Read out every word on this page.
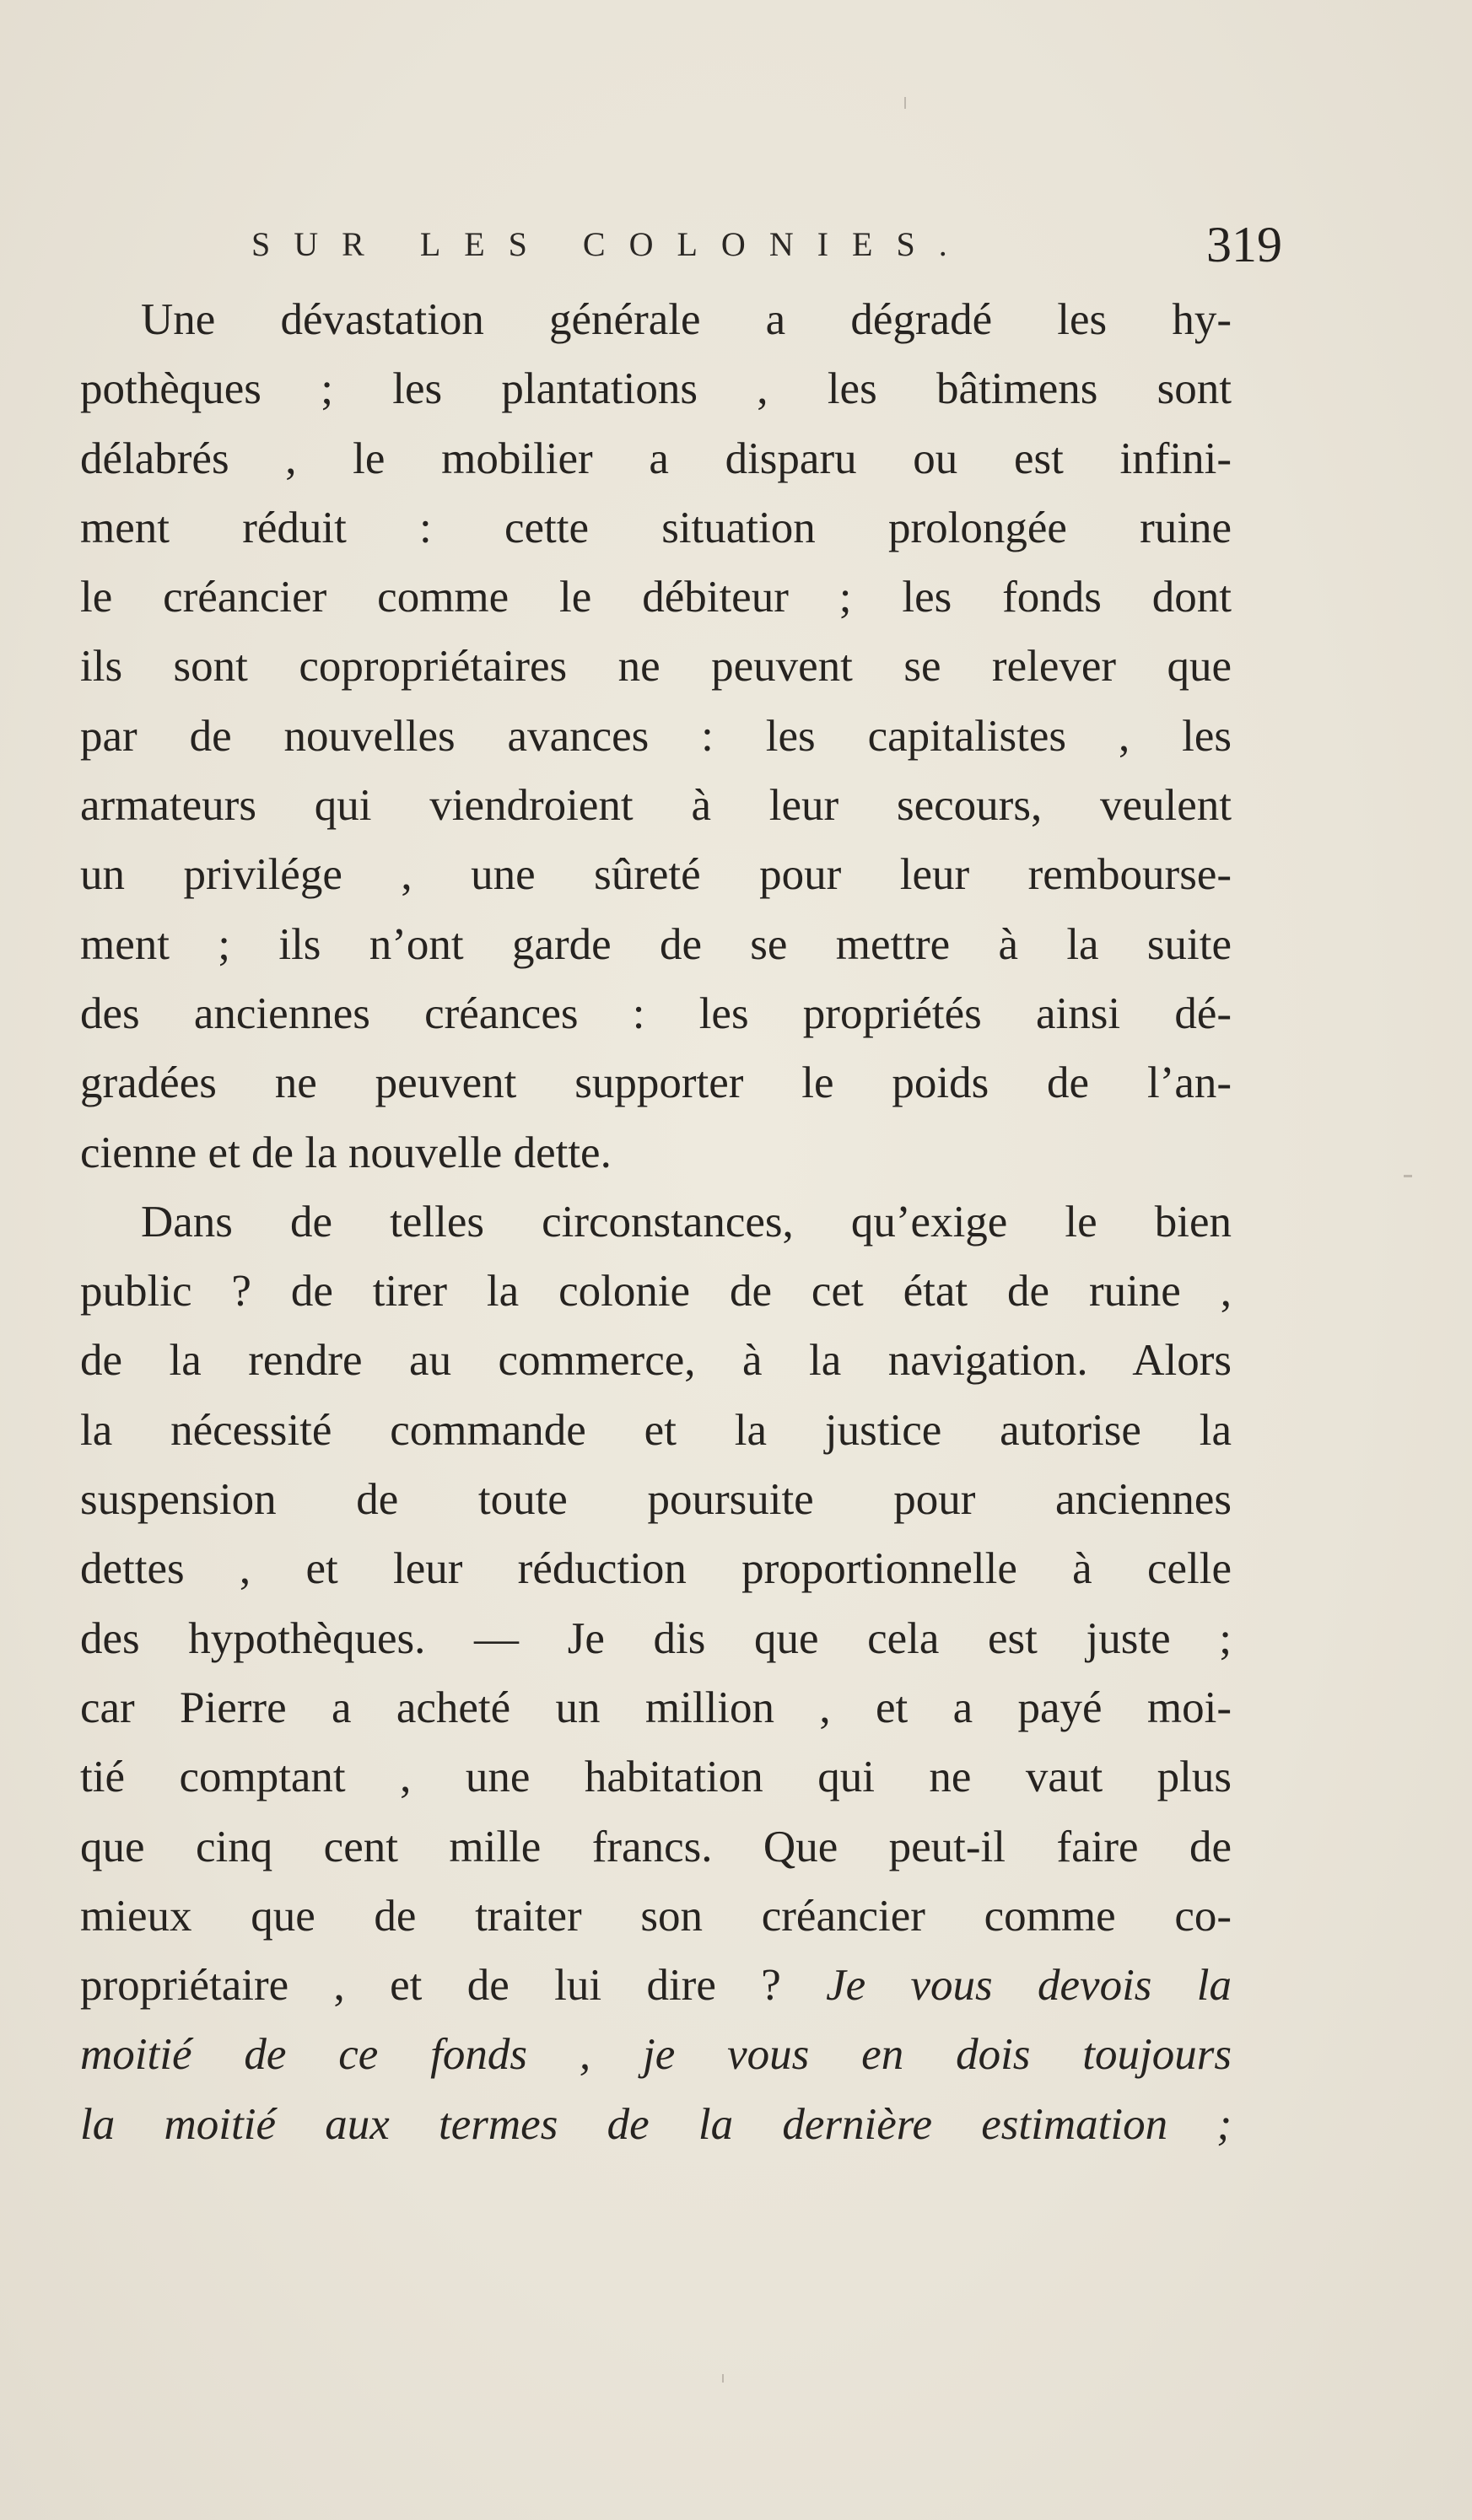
SUR LES COLONIES.	319
Une dévastation générale a dégradé les hy-
pothèques ; les plantations , les bâtimens sont
délabrés , le mobilier a disparu ou est infini-
ment réduit : cette situation prolongée ruine
le créancier comme le débiteur ; les fonds dont
ils sont copropriétaires ne peuvent se relever que
par de nouvelles avances : les capitalistes , les
armateurs qui viendroient à leur secours, veulent
un privilége , une sûreté pour leur rembourse-
ment ; ils n’ont garde de se mettre à la suite
des anciennes créances : les propriétés ainsi dé-
gradées ne peuvent supporter le poids de l’an-
cienne et de la nouvelle dette.
Dans de telles circonstances, qu’exige le bien
public ? de tirer la colonie de cet état de ruine ,
de la rendre au commerce, à la navigation. Alors
la nécessité commande et la justice autorise la
suspension de toute poursuite pour anciennes
dettes , et leur réduction proportionnelle à celle
des hypothèques. — Je dis que cela est juste ;
car Pierre a acheté un million , et a payé moi-
tié comptant , une habitation qui ne vaut plus
que cinq cent mille francs. Que peut-il faire de
mieux que de traiter son créancier comme co-
propriétaire , et de lui dire ? Je vous devois la
moitié de ce fonds , je vous en dois toujours
la moitié aux termes de la dernière estimation ;
